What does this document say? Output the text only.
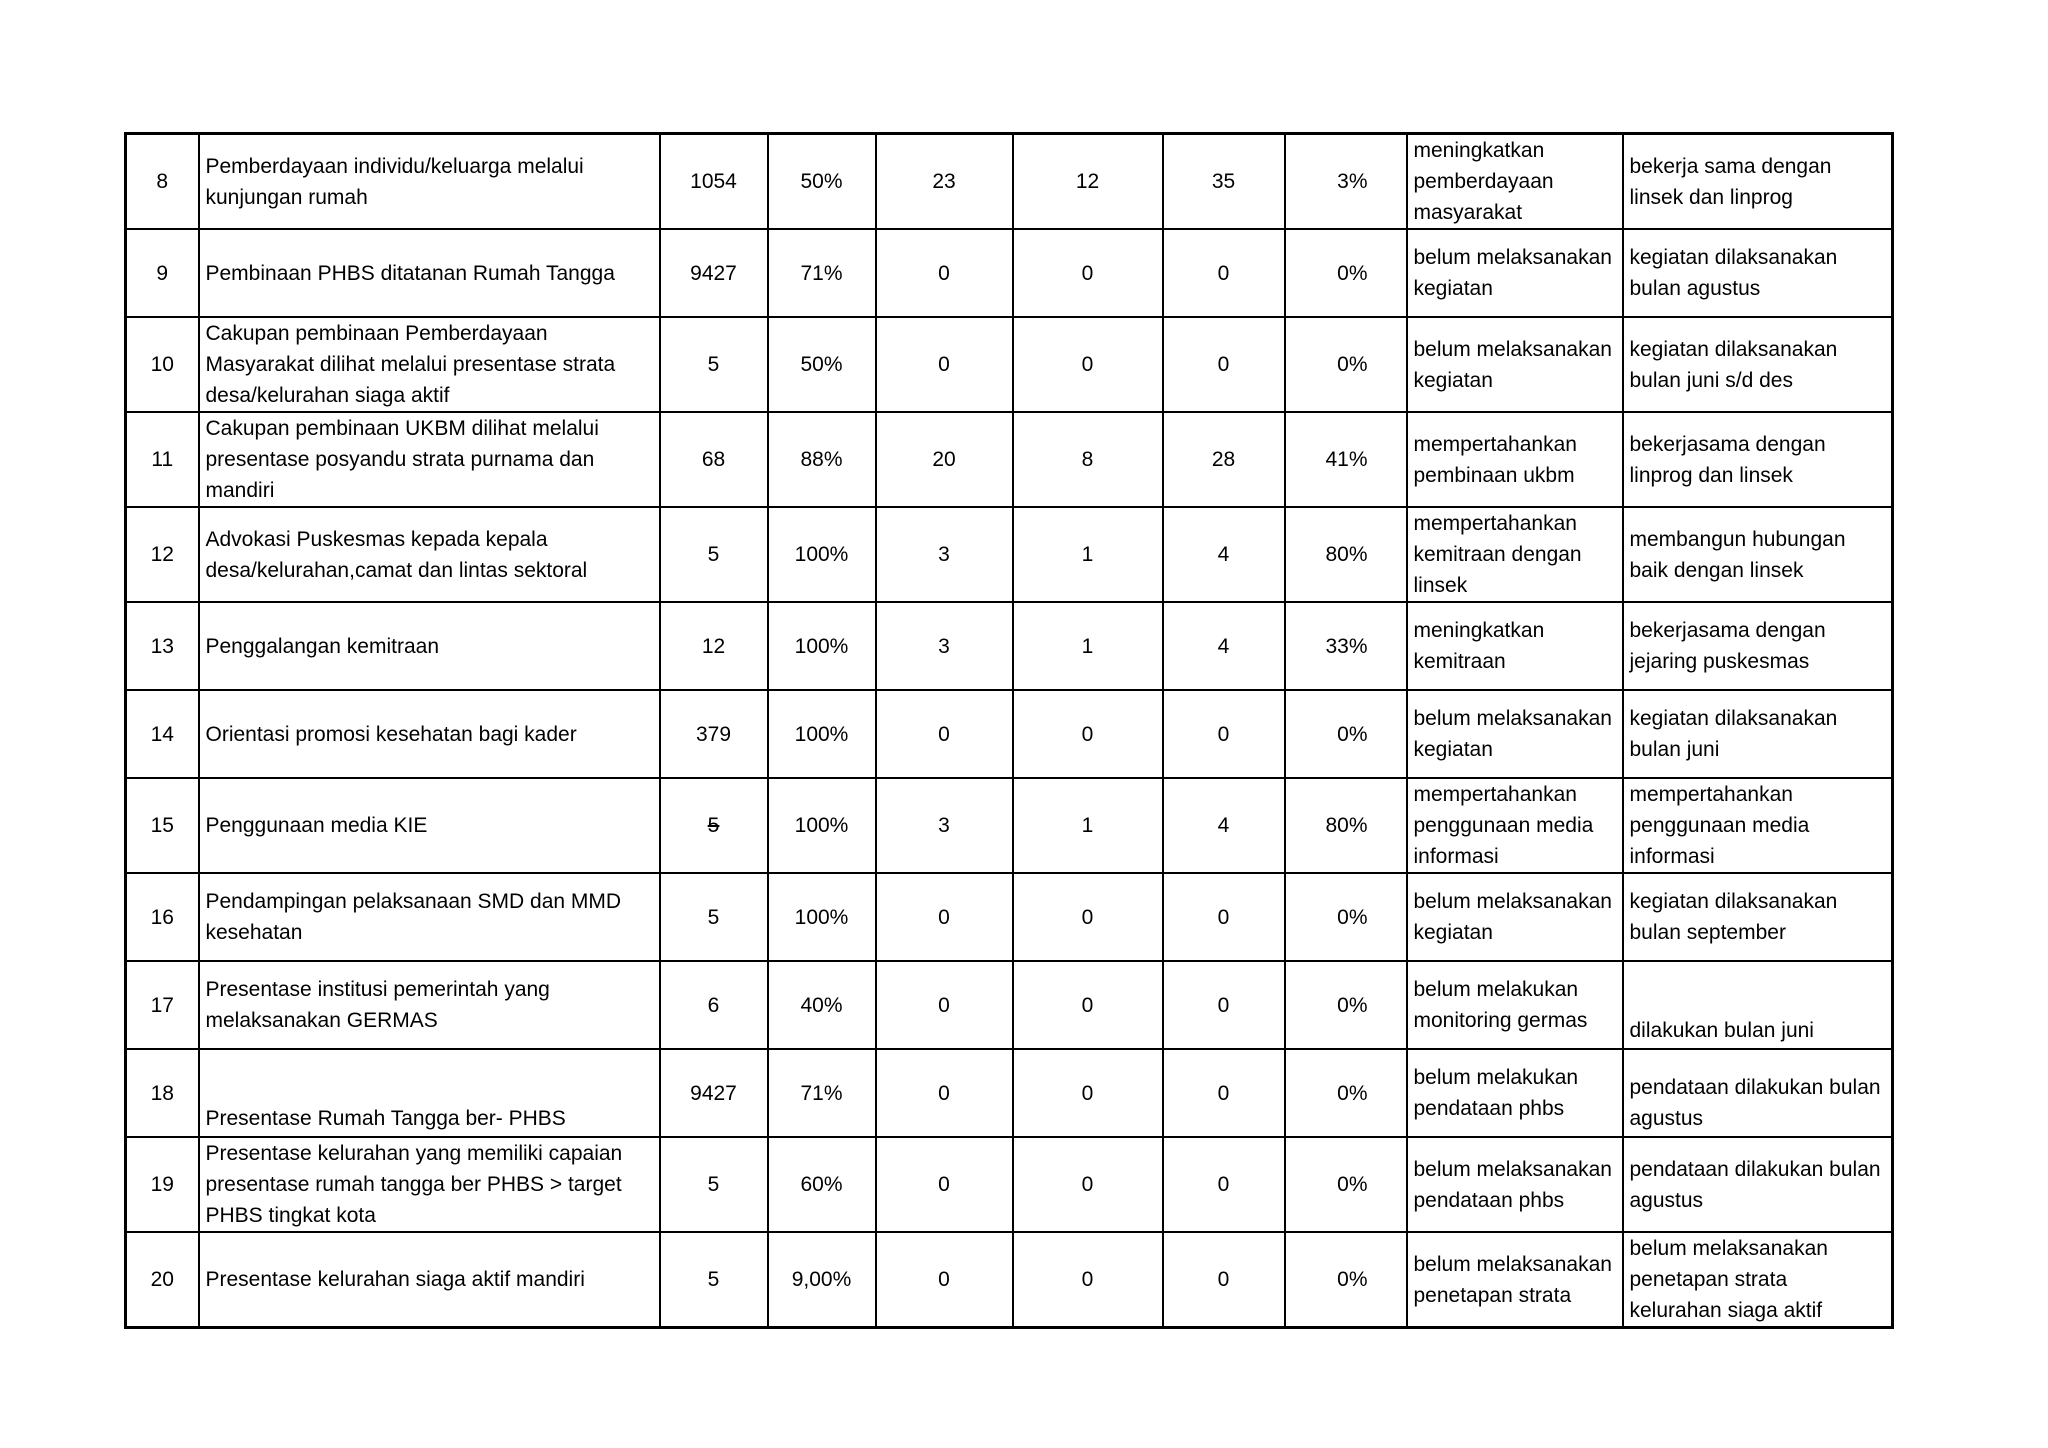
8	Pemberdayaan individu/keluarga melalui kunjungan rumah	1054	50%	23	12	35	3%	meningkatkan pemberdayaan masyarakat	bekerja sama dengan linsek dan linprog
9	Pembinaan PHBS ditatanan Rumah Tangga	9427	71%	0	0	0	0%	belum melaksanakan kegiatan	kegiatan dilaksanakan bulan agustus
10	Cakupan pembinaan Pemberdayaan Masyarakat dilihat melalui presentase strata desa/kelurahan siaga aktif	5	50%	0	0	0	0%	belum melaksanakan kegiatan	kegiatan dilaksanakan bulan juni s/d des
11	Cakupan pembinaan UKBM dilihat melalui presentase posyandu strata purnama dan mandiri	68	88%	20	8	28	41%	mempertahankan pembinaan ukbm	bekerjasama dengan linprog dan linsek
12	Advokasi Puskesmas kepada kepala desa/kelurahan,camat dan lintas sektoral	5	100%	3	1	4	80%	mempertahankan kemitraan dengan linsek	membangun hubungan baik dengan linsek
13	Penggalangan kemitraan	12	100%	3	1	4	33%	meningkatkan kemitraan	bekerjasama dengan jejaring puskesmas
14	Orientasi promosi kesehatan bagi kader	379	100%	0	0	0	0%	belum melaksanakan kegiatan	kegiatan dilaksanakan bulan juni
15	Penggunaan media KIE	5	100%	3	1	4	80%	mempertahankan penggunaan media informasi	mempertahankan penggunaan media informasi
16	Pendampingan pelaksanaan SMD dan MMD kesehatan	5	100%	0	0	0	0%	belum melaksanakan kegiatan	kegiatan dilaksanakan bulan september
17	Presentase institusi pemerintah yang melaksanakan GERMAS	6	40%	0	0	0	0%	belum melakukan monitoring germas	dilakukan bulan juni
18	Presentase Rumah Tangga ber- PHBS	9427	71%	0	0	0	0%	belum melakukan pendataan phbs	pendataan dilakukan bulan agustus
19	Presentase kelurahan yang memiliki capaian presentase rumah tangga ber PHBS > target PHBS tingkat kota	5	60%	0	0	0	0%	belum melaksanakan pendataan phbs	pendataan dilakukan bulan agustus
20	Presentase kelurahan siaga aktif mandiri	5	9,00%	0	0	0	0%	belum melaksanakan penetapan strata	belum melaksanakan penetapan strata kelurahan siaga aktif
